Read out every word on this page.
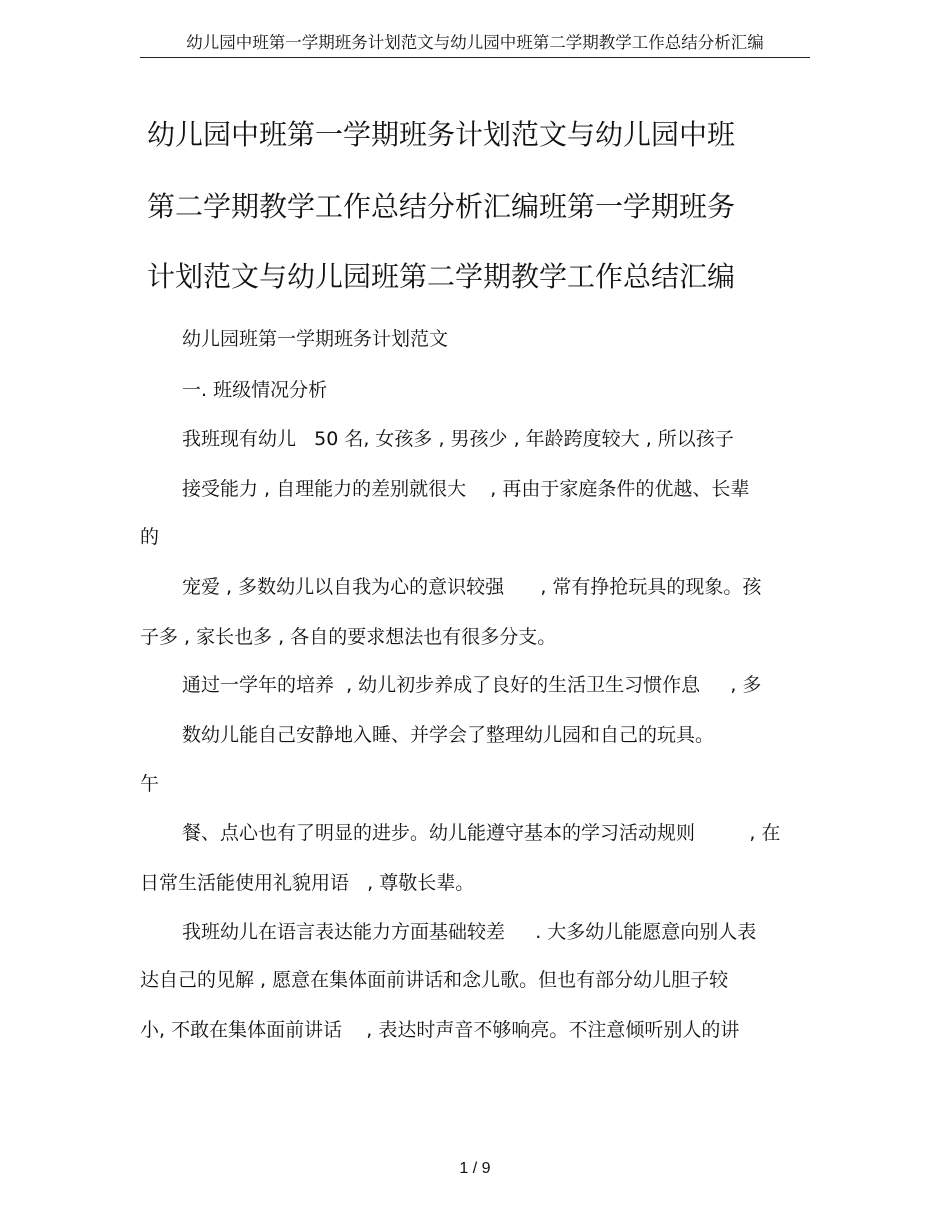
幼儿园中班第一学期班务计划范文与幼儿园中班第二学期教学工作总结分析汇编
幼儿园中班第一学期班务计划范文与幼儿园中班
第二学期教学工作总结分析汇编班第一学期班务
计划范文与幼儿园班第二学期教学工作总结汇编
幼儿园班第一学期班务计划范文
一. 班级情况分析
我班现有幼儿   50 名, 女孩多 , 男孩少 , 年龄跨度较大 , 所以孩子
接受能力 , 自理能力的差别就很大    , 再由于家庭条件的优越、长辈
的
宠爱 , 多数幼儿以自我为心的意识较强      , 常有挣抢玩具的现象。孩
子多 , 家长也多 , 各自的要求想法也有很多分支。
通过一学年的培养  , 幼儿初步养成了良好的生活卫生习惯作息     , 多
数幼儿能自己安静地入睡、并学会了整理幼儿园和自己的玩具。
午
餐、点心也有了明显的进步。幼儿能遵守基本的学习活动规则         , 在
日常生活能使用礼貌用语   , 尊敬长辈。
我班幼儿在语言表达能力方面基础较差     . 大多幼儿能愿意向别人表
达自己的见解 , 愿意在集体面前讲话和念儿歌。但也有部分幼儿胆子较
小, 不敢在集体面前讲话    , 表达时声音不够响亮。不注意倾听别人的讲
1 / 9
